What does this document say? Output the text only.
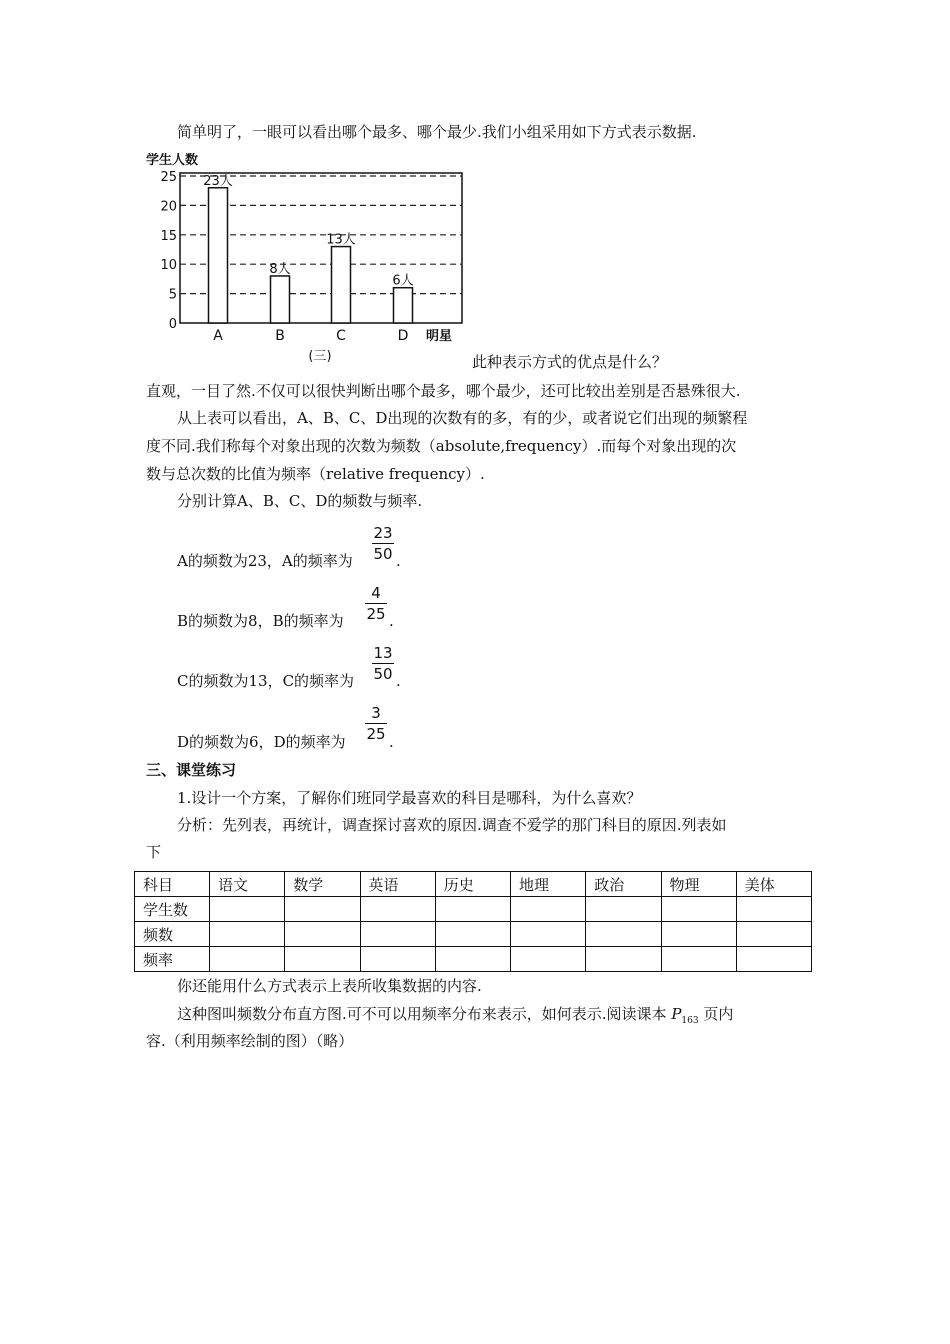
简单明了，一眼可以看出哪个最多、哪个最少.我们小组采用如下方式表示数据.
0
5
10
15
20
25
学生人数
23人
A
8人
B
13人
C
6人
D 明星
(三)	此种表示方式的优点是什么？
直观，一目了然.不仅可以很快判断出哪个最多，哪个最少，还可比较出差别是否悬殊很大.
从上表可以看出，A、B、C、D出现的次数有的多，有的少，或者说它们出现的频繁程
度不同.我们称每个对象出现的次数为频数（absolute,frequency）.而每个对象出现的次
数与总次数的比值为频率（relative frequency）.
分别计算A、B、C、D的频数与频率.
A的频数为23，A的频率为
23
50 .
B的频数为8，B的频率为
4
25 .
C的频数为13，C的频率为
13
50 .
D的频数为6，D的频率为
3
25 .
三、课堂练习
1.设计一个方案，了解你们班同学最喜欢的科目是哪科，为什么喜欢？
分析：先列表，再统计，调查探讨喜欢的原因.调查不爱学的那门科目的原因.列表如
下
科目	语文	数学	英语	历史	地理	政治	物理	美体
学生数								
频数								
频率								
你还能用什么方式表示上表所收集数据的内容.
这种图叫频数分布直方图.可不可以用频率分布来表示，如何表示.阅读课本 $P_{163}$ 页内
容.（利用频率绘制的图）（略）
